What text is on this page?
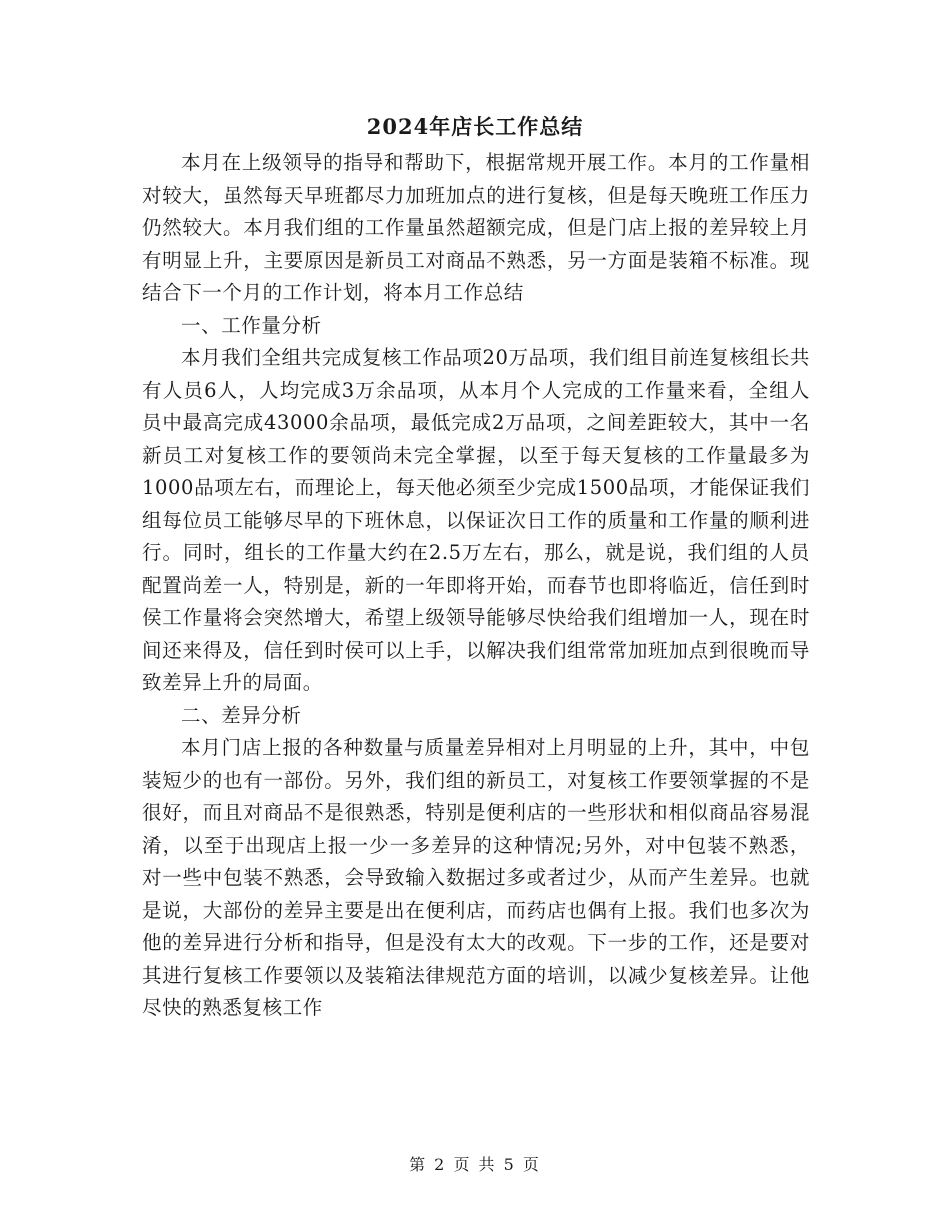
2024年店长工作总结

本月在上级领导的指导和帮助下，根据常规开展工作。本月的工作量相对较大，虽然每天早班都尽力加班加点的进行复核，但是每天晚班工作压力仍然较大。本月我们组的工作量虽然超额完成，但是门店上报的差异较上月有明显上升，主要原因是新员工对商品不熟悉，另一方面是装箱不标准。现结合下一个月的工作计划，将本月工作总结

一、工作量分析

本月我们全组共完成复核工作品项20万品项，我们组目前连复核组长共有人员6人，人均完成3万余品项，从本月个人完成的工作量来看，全组人员中最高完成43000余品项，最低完成2万品项，之间差距较大，其中一名新员工对复核工作的要领尚未完全掌握，以至于每天复核的工作量最多为1000品项左右，而理论上，每天他必须至少完成1500品项，才能保证我们组每位员工能够尽早的下班休息，以保证次日工作的质量和工作量的顺利进行。同时，组长的工作量大约在2.5万左右，那么，就是说，我们组的人员配置尚差一人，特别是，新的一年即将开始，而春节也即将临近，信任到时侯工作量将会突然增大，希望上级领导能够尽快给我们组增加一人，现在时间还来得及，信任到时侯可以上手，以解决我们组常常加班加点到很晚而导致差异上升的局面。

二、差异分析

本月门店上报的各种数量与质量差异相对上月明显的上升，其中，中包装短少的也有一部份。另外，我们组的新员工，对复核工作要领掌握的不是很好，而且对商品不是很熟悉，特别是便利店的一些形状和相似商品容易混淆，以至于出现店上报一少一多差异的这种情况;另外，对中包装不熟悉，对一些中包装不熟悉，会导致输入数据过多或者过少，从而产生差异。也就是说，大部份的差异主要是出在便利店，而药店也偶有上报。我们也多次为他的差异进行分析和指导，但是没有太大的改观。下一步的工作，还是要对其进行复核工作要领以及装箱法律规范方面的培训，以减少复核差异。让他尽快的熟悉复核工作

第 2 页 共 5 页
